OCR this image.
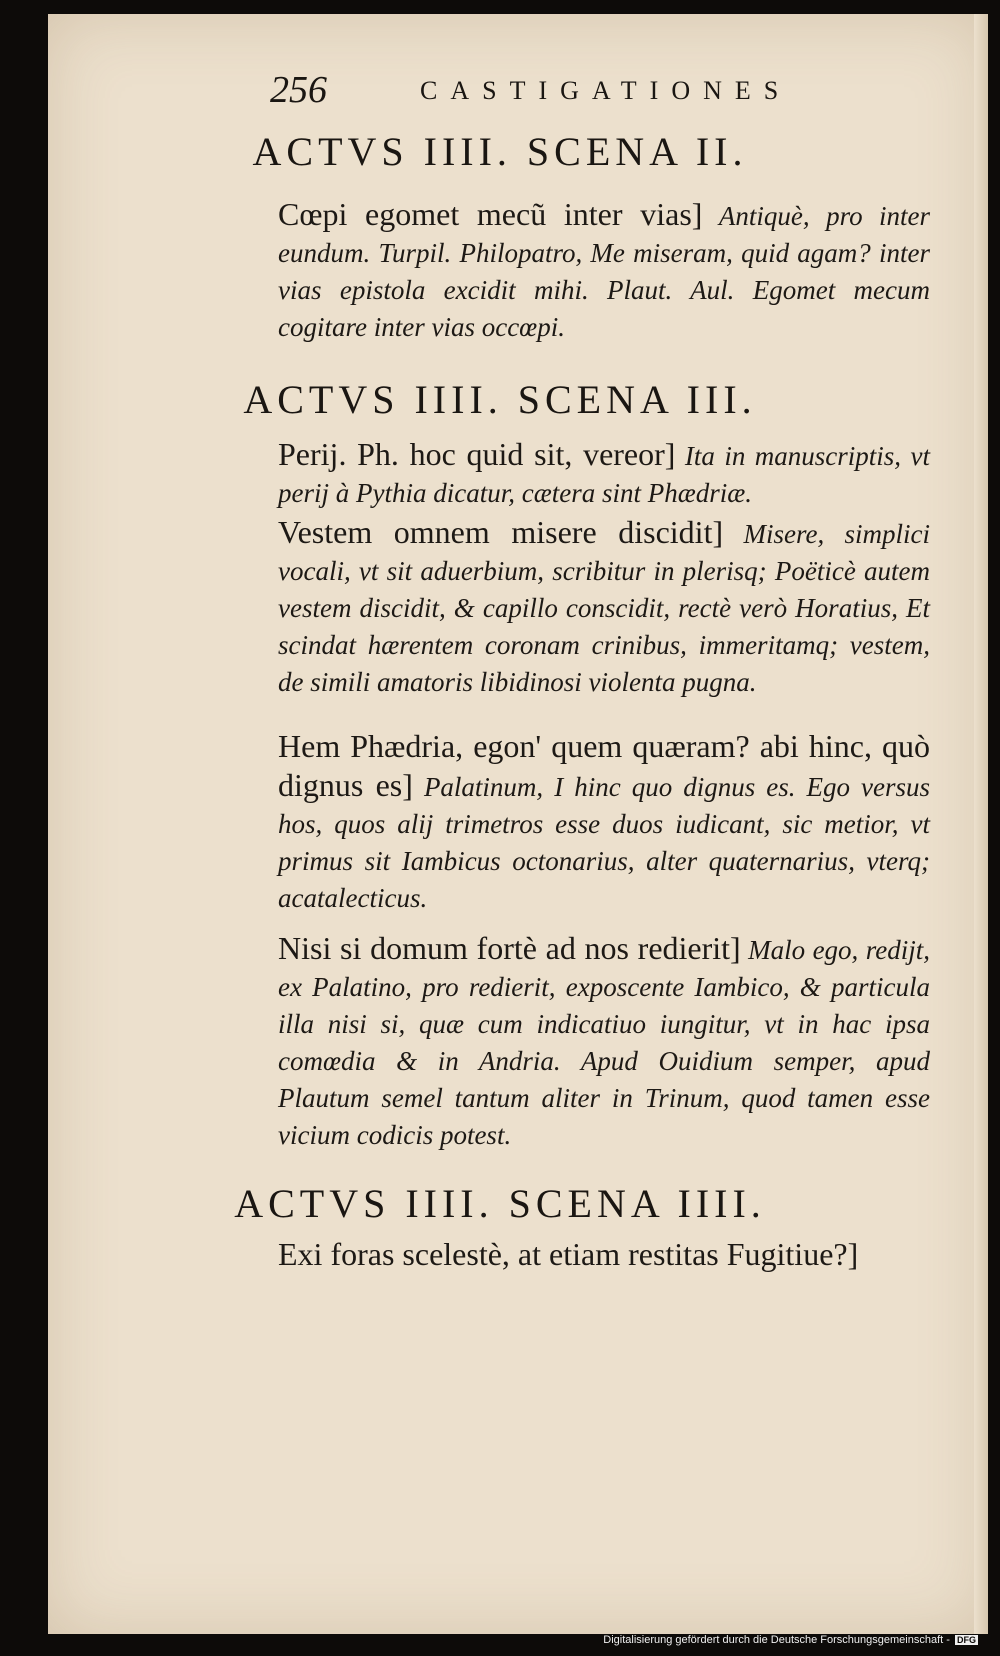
256	CASTIGATIONES
ACTVS IIII. SCENA II.

Cœpi egomet mecũ inter vias] Antiquè, pro inter eundum. Turpil. Philopatro, Me miseram, quid agam? inter vias epistola excidit mihi. Plaut. Aul. Egomet mecum cogitare inter vias occœpi.

ACTVS IIII. SCENA III.

Perij. Ph. hoc quid sit, vereor] Ita in manuscriptis, vt perij à Pythia dicatur, cætera sint Phædriæ.

Vestem omnem misere discidit] Misere, simplici vocali, vt sit aduerbium, scribitur in plerisq; Poëticè autem vestem discidit, & capillo conscidit, rectè verò Horatius, Et scindat hærentem coronam crinibus, immeritamq; vestem, de simili amatoris libidinosi violenta pugna.

Hem Phædria, egon' quem quæram? abi hinc, quò dignus es] Palatinum, I hinc quo dignus es. Ego versus hos, quos alij trimetros esse duos iudicant, sic metior, vt primus sit Iambicus octonarius, alter quaternarius, vterq; acatalecticus.

Nisi si domum fortè ad nos redierit] Malo ego, redijt, ex Palatino, pro redierit, exposcente Iambico, & particula illa nisi si, quæ cum indicatiuo iungitur, vt in hac ipsa comœdia & in Andria. Apud Ouidium semper, apud Plautum semel tantum aliter in Trinum, quod tamen esse vicium codicis potest.

ACTVS IIII. SCENA IIII.

Exi foras scelestè, at etiam restitas Fugitiue?]

Digitalisierung gefördert durch die Deutsche Forschungsgemeinschaft - DFG
